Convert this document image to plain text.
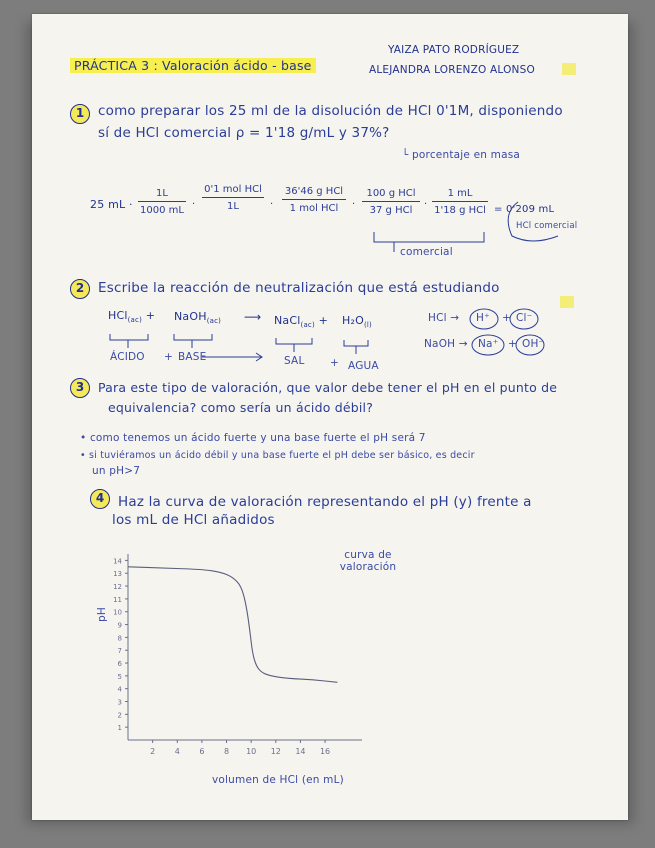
PRÁCTICA 3 : Valoración ácido - base
YAIZA PATO RODRÍGUEZ
ALEJANDRA LORENZO ALONSO
1	como preparar los 25 ml de la disolución de HCl 0'1M, disponiendo
sí de HCl comercial ρ = 1'18 g/mL y 37%?
└ porcentaje en masa
25 mL · $\frac{1L}{1000 mL}$ ·
0'1 mol HCl
1L	·
36'46 g HCl
1 mol HCl	·
100 g HCl
37 g HCl
·
1 mL
1'18 g HCl = 0'209 mL
HCl comercial
comercial
2	Escribe la reacción de neutralización que está estudiando
HCl$_{(ac)}$ + NaOH$_{(ac)}$ ⟶ NaCl$_{(ac)}$ + $H_2O_{(l)}$
ÁCIDO + BASE	SAL + AGUA
HCl → H⁺ + Cl⁻
NaOH → Na⁺ + OH⁻
3	Para este tipo de valoración, que valor debe tener el pH en el punto de
equivalencia? como sería un ácido débil?
• como tenemos un ácido fuerte y una base fuerte el pH será 7
• si tuviéramos un ácido débil y una base fuerte el pH debe ser básico, es decir
un pH>7
4	Haz la curva de valoración representando el pH (y) frente a
los mL de HCl añadidos
2 4 6 8 10 12 14 16
1
2
3
4
5
6
7
8
9
10
11
12
13
14
curva de valoración
volumen de HCl (en mL)
pH
